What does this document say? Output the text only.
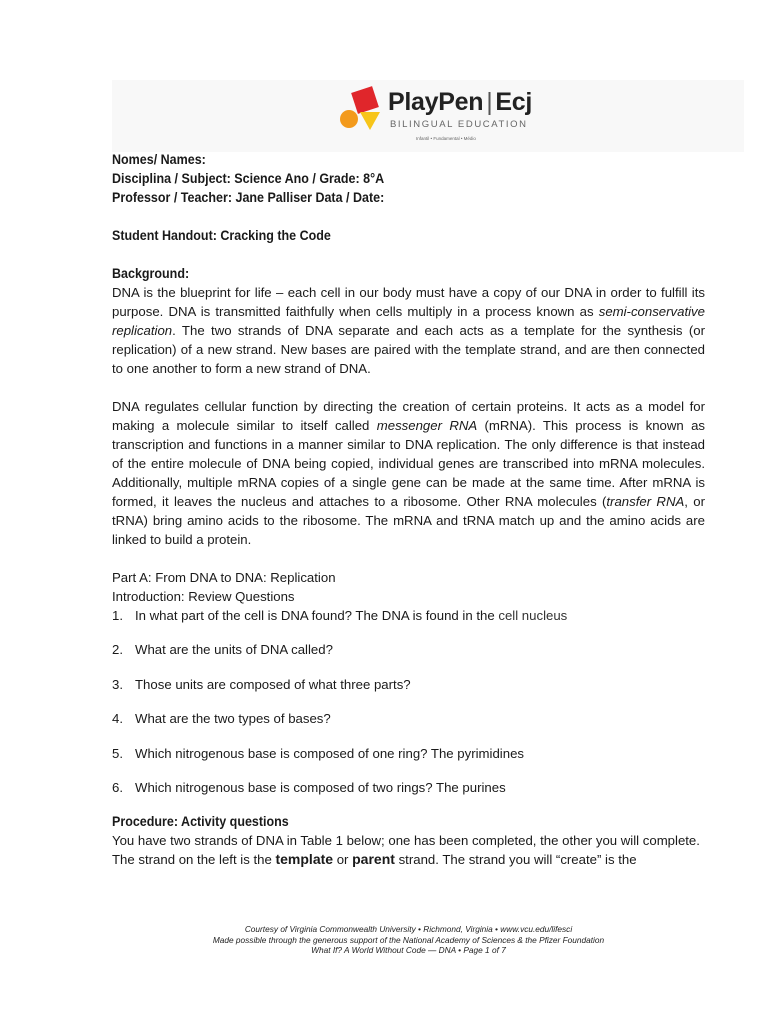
PlayPen | Ecj
BILINGUAL EDUCATION
Infantil • Fundamental • Médio
Nomes/ Names:
Disciplina / Subject: Science Ano / Grade: 8°A
Professor / Teacher: Jane Palliser Data / Date:
Student Handout: Cracking the Code
Background:

DNA is the blueprint for life – each cell in our body must have a copy of our DNA in order to fulfill its purpose. DNA is transmitted faithfully when cells multiply in a process known as semi-conservative replication. The two strands of DNA separate and each acts as a template for the synthesis (or replication) of a new strand. New bases are paired with the template strand, and are then connected to one another to form a new strand of DNA.

DNA regulates cellular function by directing the creation of certain proteins. It acts as a model for making a molecule similar to itself called messenger RNA (mRNA). This process is known as transcription and functions in a manner similar to DNA replication. The only difference is that instead of the entire molecule of DNA being copied, individual genes are transcribed into mRNA molecules. Additionally, multiple mRNA copies of a single gene can be made at the same time. After mRNA is formed, it leaves the nucleus and attaches to a ribosome. Other RNA molecules (transfer RNA, or tRNA) bring amino acids to the ribosome. The mRNA and tRNA match up and the amino acids are linked to build a protein.

Part A: From DNA to DNA: Replication

Introduction: Review Questions

1. In what part of the cell is DNA found? The DNA is found in the cell nucleus
2. What are the units of DNA called?
3. Those units are composed of what three parts?
4. What are the two types of bases?
5. Which nitrogenous base is composed of one ring? The pyrimidines
6. Which nitrogenous base is composed of two rings? The purines
Procedure: Activity questions

You have two strands of DNA in Table 1 below; one has been completed, the other you will complete.

The strand on the left is the template or parent strand. The strand you will “create” is the

Courtesy of Virginia Commonwealth University • Richmond, Virginia • www.vcu.edu/lifesci
Made possible through the generous support of the National Academy of Sciences & the Pfizer Foundation
What If? A World Without Code — DNA • Page 1 of 7
